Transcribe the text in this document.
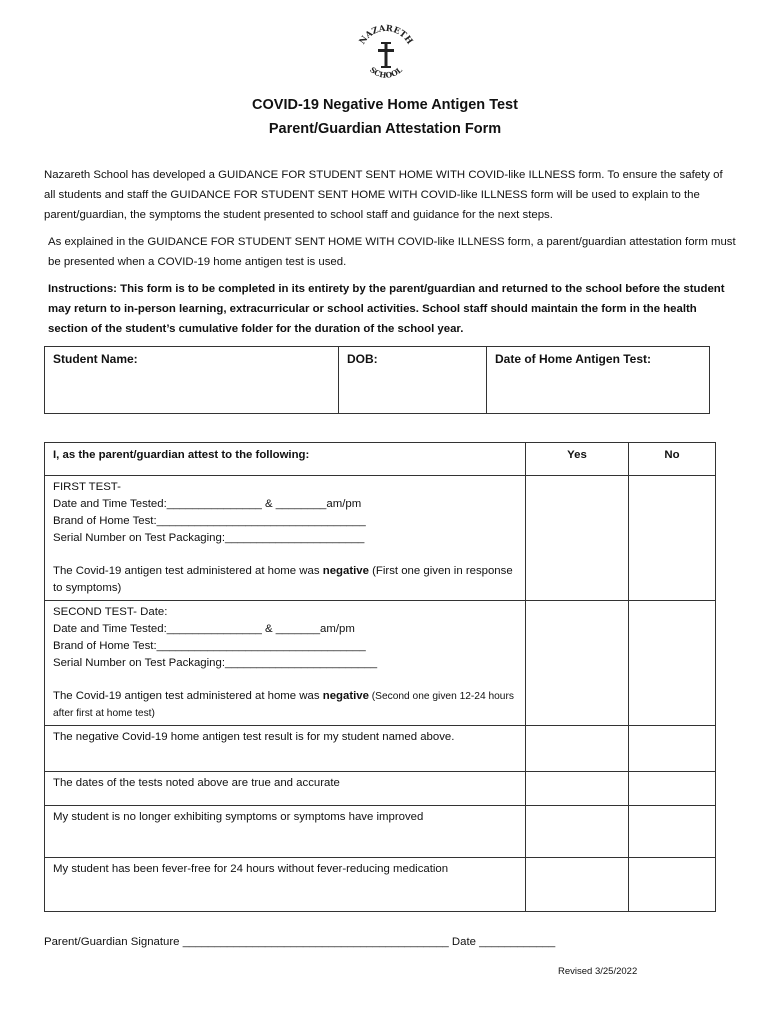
NAZARETH
SCHOOL
COVID-19 Negative Home Antigen Test
Parent/Guardian Attestation Form

Nazareth School has developed a GUIDANCE FOR STUDENT SENT HOME WITH COVID-like ILLNESS form. To ensure the safety of all students and staff the GUIDANCE FOR STUDENT SENT HOME WITH COVID-like ILLNESS form will be used to explain to the parent/guardian, the symptoms the student presented to school staff and guidance for the next steps.

As explained in the GUIDANCE FOR STUDENT SENT HOME WITH COVID-like ILLNESS form, a parent/guardian attestation form must be presented when a COVID-19 home antigen test is used.

Instructions: This form is to be completed in its entirety by the parent/guardian and returned to the school before the student may return to in-person learning, extracurricular or school activities. School staff should maintain the form in the health section of the student’s cumulative folder for the duration of the school year.

Student Name:	DOB:	Date of Home Antigen Test:
I, as the parent/guardian attest to the following:	Yes	No

FIRST TEST-
Date and Time Tested:_______________ & ________am/pm
Brand of Home Test:_________________________________
Serial Number on Test Packaging:______________________
The Covid-19 antigen test administered at home was negative (First one given in response to symptoms)		

SECOND TEST- Date:
Date and Time Tested:_______________ & _______am/pm
Brand of Home Test:_________________________________
Serial Number on Test Packaging:________________________
The Covid-19 antigen test administered at home was negative (Second one given 12-24 hours after first at home test)		

The negative Covid-19 home antigen test result is for my student named above.		
The dates of the tests noted above are true and accurate		
My student is no longer exhibiting symptoms or symptoms have improved		
My student has been fever-free for 24 hours without fever-reducing medication		
Parent/Guardian Signature __________________________________________ Date ____________
Revised 3/25/2022
